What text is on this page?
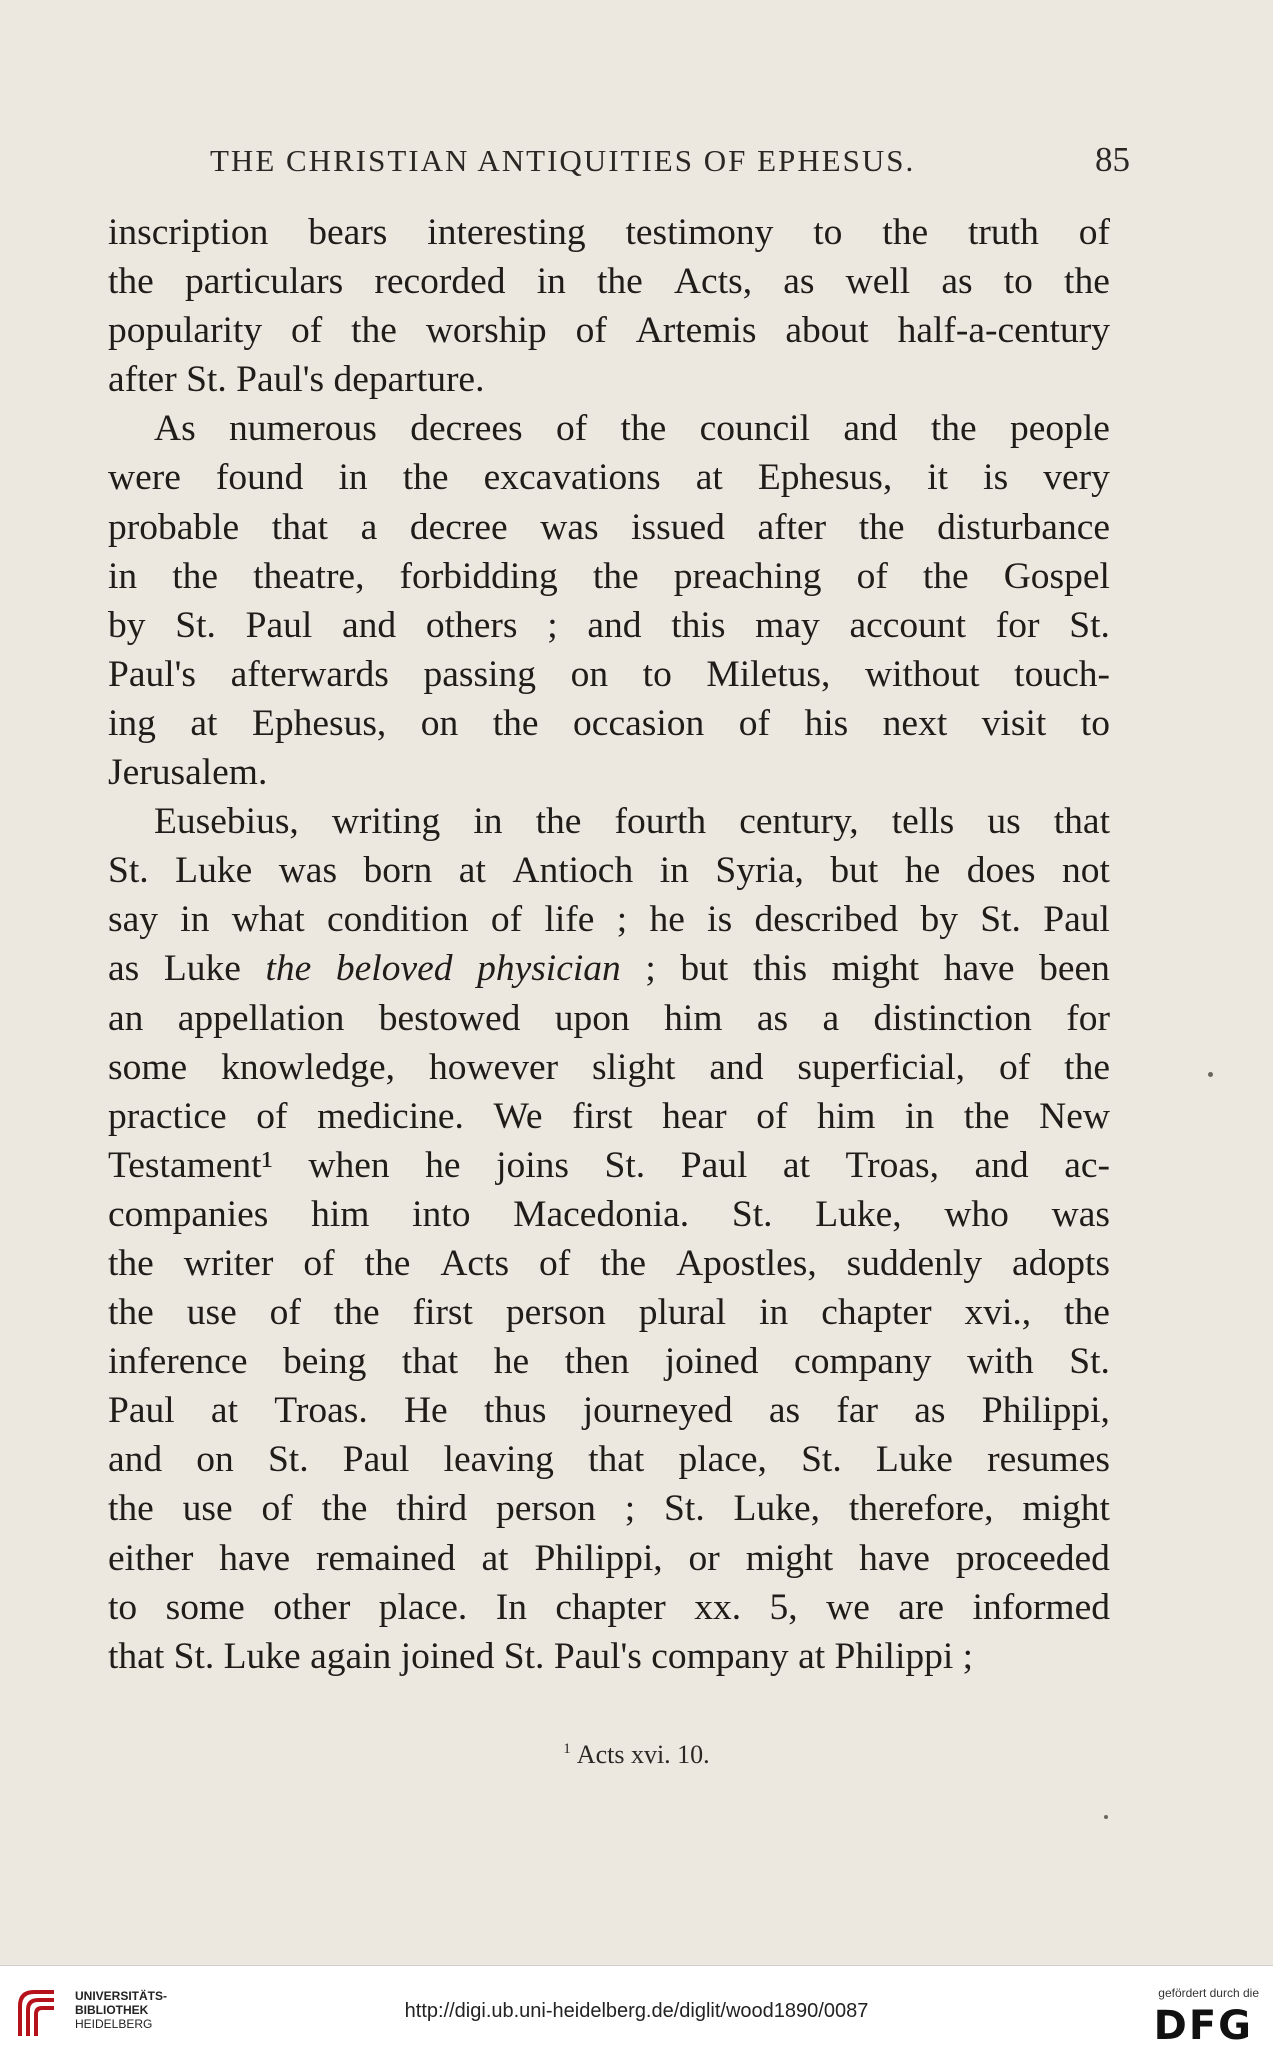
THE CHRISTIAN ANTIQUITIES OF EPHESUS.	85
inscription bears interesting testimony to the truth of
the particulars recorded in the Acts, as well as to the
popularity of the worship of Artemis about half-a-century
after St. Paul's departure.
As numerous decrees of the council and the people
were found in the excavations at Ephesus, it is very
probable that a decree was issued after the disturbance
in the theatre, forbidding the preaching of the Gospel
by St. Paul and others ; and this may account for St.
Paul's afterwards passing on to Miletus, without touch-
ing at Ephesus, on the occasion of his next visit to
Jerusalem.
Eusebius, writing in the fourth century, tells us that
St. Luke was born at Antioch in Syria, but he does not
say in what condition of life ; he is described by St. Paul
as Luke the beloved physician ; but this might have been
an appellation bestowed upon him as a distinction for
some knowledge, however slight and superficial, of the
practice of medicine. We first hear of him in the New
Testament¹ when he joins St. Paul at Troas, and ac-
companies him into Macedonia. St. Luke, who was
the writer of the Acts of the Apostles, suddenly adopts
the use of the first person plural in chapter xvi., the
inference being that he then joined company with St.
Paul at Troas. He thus journeyed as far as Philippi,
and on St. Paul leaving that place, St. Luke resumes
the use of the third person ; St. Luke, therefore, might
either have remained at Philippi, or might have proceeded
to some other place. In chapter xx. 5, we are informed
that St. Luke again joined St. Paul's company at Philippi ;
$^1$ Acts xvi. 10.
UNIVERSITÄTS-
BIBLIOTHEK
HEIDELBERG
http://digi.ub.uni-heidelberg.de/diglit/wood1890/0087
gefördert durch die
DFG
